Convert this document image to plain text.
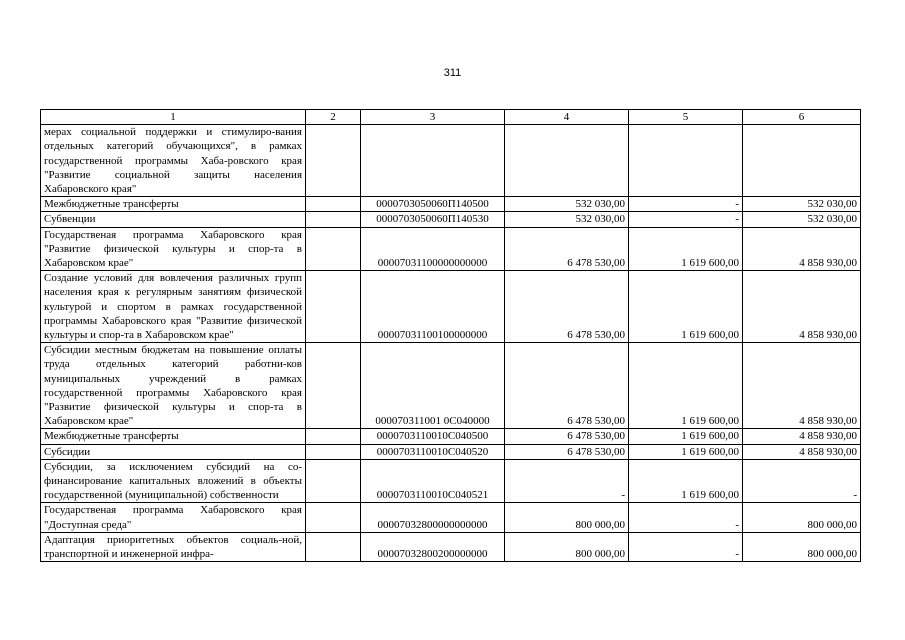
311
1	2	3	4	5	6
мерах социальной поддержки и стимулиро-вания отдельных категорий обучающихся", в рамках государственной программы Хаба-ровского края "Развитие социальной защиты населения Хабаровского края"					
Межбюджетные трансферты		0000703050060П140500	532 030,00	-	532 030,00
Субвенции		0000703050060П140530	532 030,00	-	532 030,00
Государственая программа Хабаровского края "Развитие физической культуры и спор-та в Хабаровском крае"		00007031100000000000	6 478 530,00	1 619 600,00	4 858 930,00
Создание условий для вовлечения различных групп населения края к регулярным занятиям физической культурой и спортом в рамках государственной программы Хабаровского края "Развитие физической культуры и спор-та в Хабаровском крае"		00007031100100000000	6 478 530,00	1 619 600,00	4 858 930,00
Субсидии местным бюджетам на повышение оплаты труда отдельных категорий работни-ков муниципальных учреждений в рамках государственной программы Хабаровского края "Развитие физической культуры и спор-та в Хабаровском крае"		000070311001 0С040000	6 478 530,00	1 619 600,00	4 858 930,00
Межбюджетные трансферты		0000703110010С040500	6 478 530,00	1 619 600,00	4 858 930,00
Субсидии		0000703110010С040520	6 478 530,00	1 619 600,00	4 858 930,00
Субсидии, за исключением субсидий на со-финансирование капитальных вложений в объекты государственной (муниципальной) собственности		0000703110010С040521	-	1 619 600,00	-
Государственая программа Хабаровского края "Доступная среда"		00007032800000000000	800 000,00	-	800 000,00
Адаптация приоритетных объектов социаль-ной, транспортной и инженерной инфра-		00007032800200000000	800 000,00	-	800 000,00
